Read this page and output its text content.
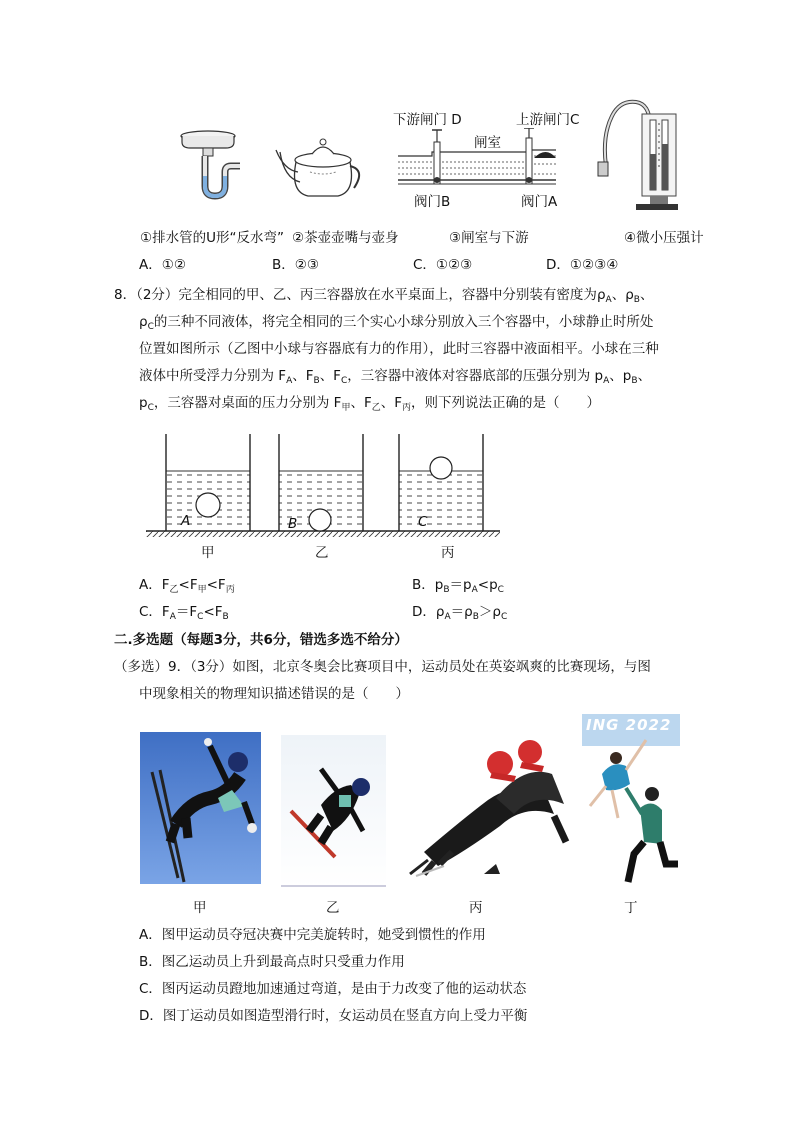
下游闸门 D	上游闸门C
闸室
阀门B	阀门A
①排水管的U形“反水弯” ②茶壶壶嘴与壶身	③闸室与下游	④微小压强计
A．①②	B．②③	C．①②③	D．①②③④
8．（2分）完全相同的甲、乙、丙三容器放在水平桌面上，容器中分别装有密度为$\rho_A$、$\rho_B$、
$\rho_C$的三种不同液体，将完全相同的三个实心小球分别放入三个容器中，小球静止时所处
位置如图所示（乙图中小球与容器底有力的作用），此时三容器中液面相平。小球在三种
液体中所受浮力分别为 $F_A$、$F_B$、$F_C$，三容器中液体对容器底部的压强分别为 $p_A$、$p_B$、
$p_C$，三容器对桌面的压力分别为 $F_甲$、$F_乙$、$F_丙$，则下列说法正确的是（　　）
A	B	C
甲	乙	丙
A．$F_乙<F_甲<F_丙$	B．$p_B=p_A<p_C$
C．$F_A=F_C<F_B$	D．$\rho_A=\rho_B>\rho_C$
二.多选题（每题3分，共6分，错选多选不给分）
（多选）9．（3分）如图，北京冬奥会比赛项目中，运动员处在英姿飒爽的比赛现场，与图
中现象相关的物理知识描述错误的是（　　）
ING 2022
甲	乙	丙	丁
A．图甲运动员夺冠决赛中完美旋转时，她受到惯性的作用
B．图乙运动员上升到最高点时只受重力作用
C．图丙运动员蹬地加速通过弯道，是由于力改变了他的运动状态
D．图丁运动员如图造型滑行时，女运动员在竖直方向上受力平衡
